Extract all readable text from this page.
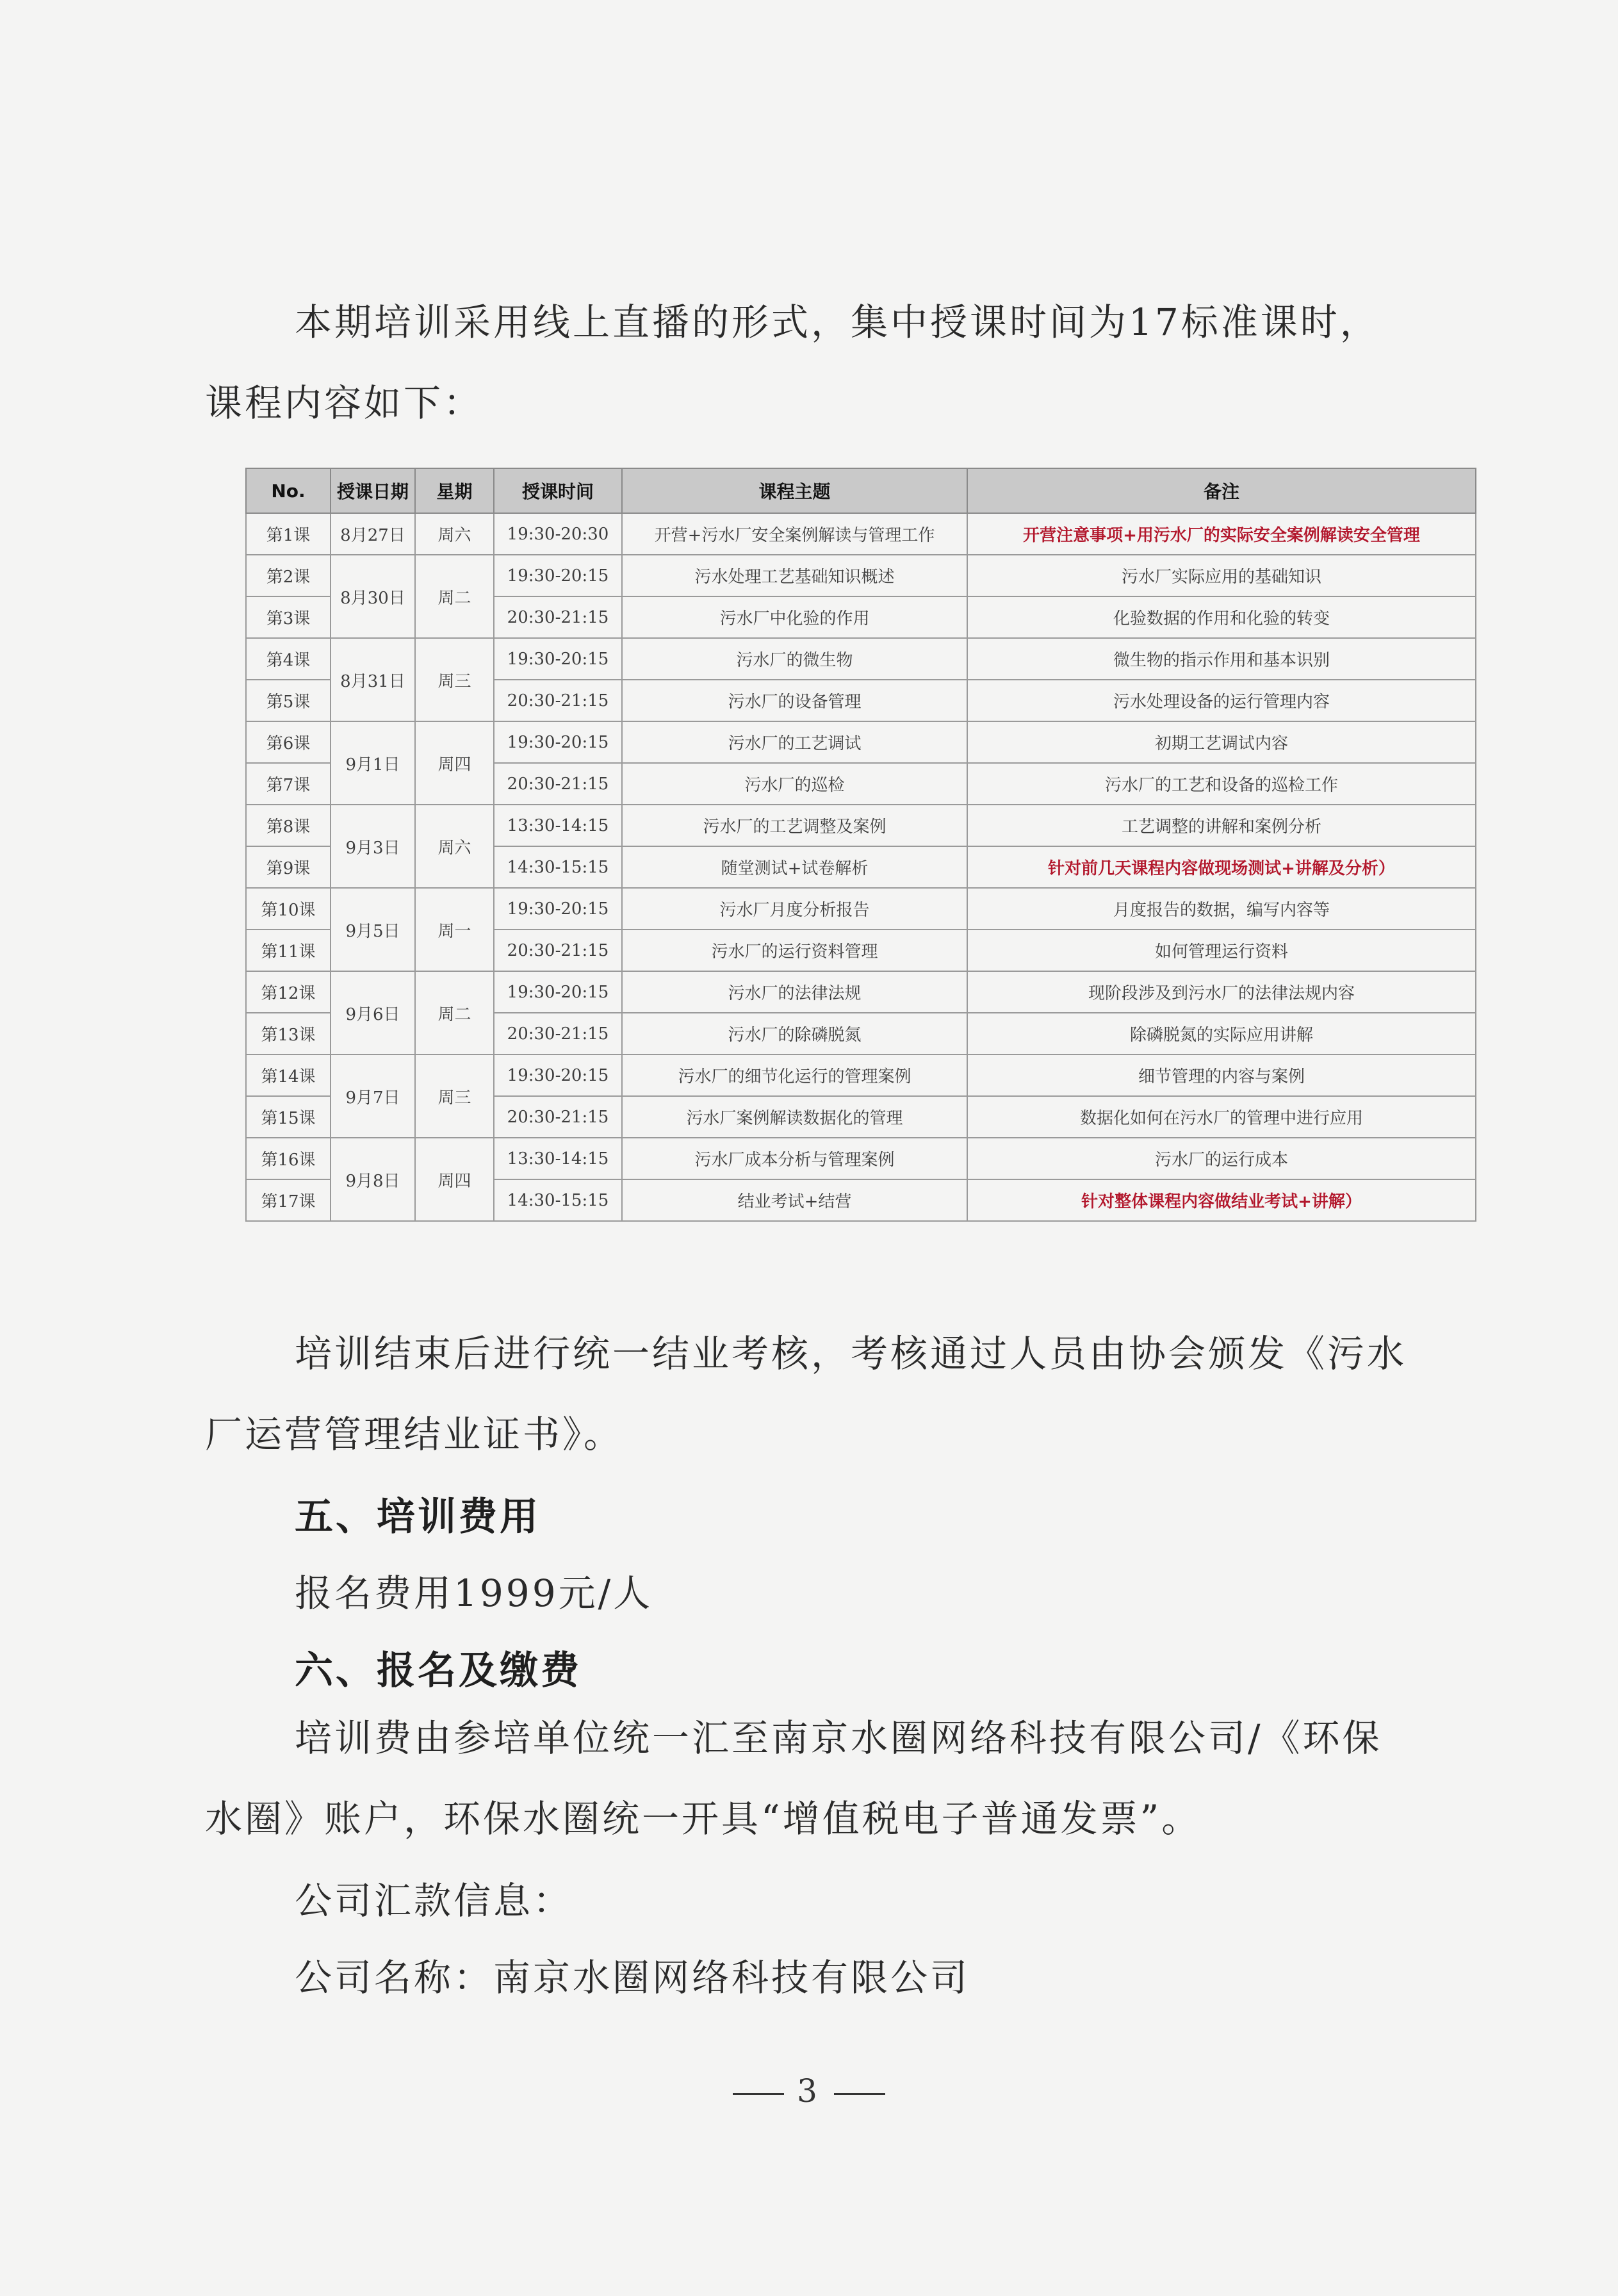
本期培训采用线上直播的形式，集中授课时间为17标准课时，课程内容如下：

No.	授课日期	星期	授课时间	课程主题	备注
第1课	8月27日	周六	19:30-20:30	开营+污水厂安全案例解读与管理工作	开营注意事项+用污水厂的实际安全案例解读安全管理
第2课	8月30日	周二	19:30-20:15	污水处理工艺基础知识概述	污水厂实际应用的基础知识
第3课			20:30-21:15	污水厂中化验的作用	化验数据的作用和化验的转变
第4课	8月31日	周三	19:30-20:15	污水厂的微生物	微生物的指示作用和基本识别
第5课			20:30-21:15	污水厂的设备管理	污水处理设备的运行管理内容
第6课	9月1日	周四	19:30-20:15	污水厂的工艺调试	初期工艺调试内容
第7课			20:30-21:15	污水厂的巡检	污水厂的工艺和设备的巡检工作
第8课	9月3日	周六	13:30-14:15	污水厂的工艺调整及案例	工艺调整的讲解和案例分析
第9课			14:30-15:15	随堂测试+试卷解析	针对前几天课程内容做现场测试+讲解及分析）
第10课	9月5日	周一	19:30-20:15	污水厂月度分析报告	月度报告的数据，编写内容等
第11课			20:30-21:15	污水厂的运行资料管理	如何管理运行资料
第12课	9月6日	周二	19:30-20:15	污水厂的法律法规	现阶段涉及到污水厂的法律法规内容
第13课			20:30-21:15	污水厂的除磷脱氮	除磷脱氮的实际应用讲解
第14课	9月7日	周三	19:30-20:15	污水厂的细节化运行的管理案例	细节管理的内容与案例
第15课			20:30-21:15	污水厂案例解读数据化的管理	数据化如何在污水厂的管理中进行应用
第16课	9月8日	周四	13:30-14:15	污水厂成本分析与管理案例	污水厂的运行成本
第17课			14:30-15:15	结业考试+结营	针对整体课程内容做结业考试+讲解）

培训结束后进行统一结业考核，考核通过人员由协会颁发《污水厂运营管理结业证书》。

五、培训费用

报名费用1999元/人

六、报名及缴费

培训费由参培单位统一汇至南京水圈网络科技有限公司/《环保水圈》账户，环保水圈统一开具“增值税电子普通发票”。

公司汇款信息：

公司名称：南京水圈网络科技有限公司

3
